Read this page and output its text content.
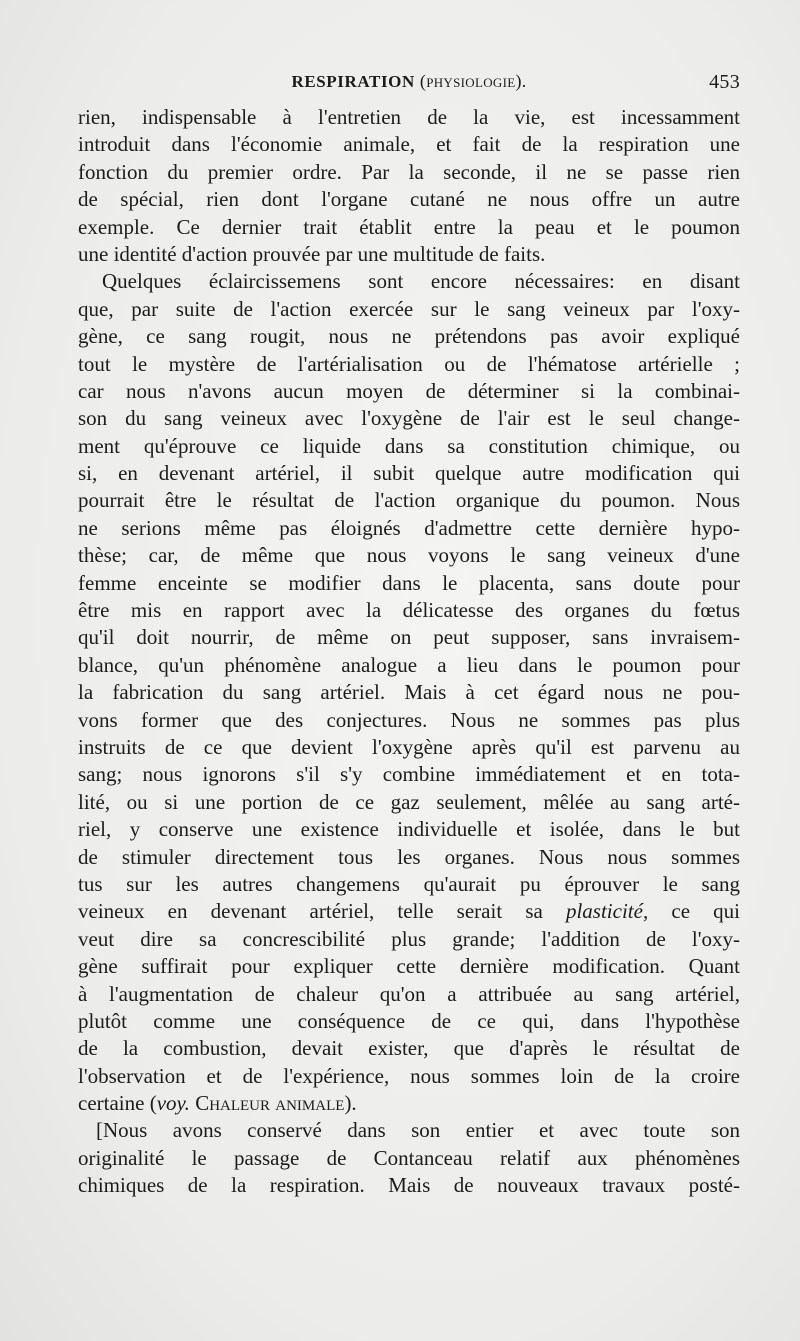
RESPIRATION (physiologie).	453
rien, indispensable à l'entretien de la vie, est incessamment
introduit dans l'économie animale, et fait de la respiration une
fonction du premier ordre. Par la seconde, il ne se passe rien
de spécial, rien dont l'organe cutané ne nous offre un autre
exemple. Ce dernier trait établit entre la peau et le poumon
une identité d'action prouvée par une multitude de faits.
Quelques éclaircissemens sont encore nécessaires: en disant
que, par suite de l'action exercée sur le sang veineux par l'oxy-
gène, ce sang rougit, nous ne prétendons pas avoir expliqué
tout le mystère de l'artérialisation ou de l'hématose artérielle ;
car nous n'avons aucun moyen de déterminer si la combinai-
son du sang veineux avec l'oxygène de l'air est le seul change-
ment qu'éprouve ce liquide dans sa constitution chimique, ou
si, en devenant artériel, il subit quelque autre modification qui
pourrait être le résultat de l'action organique du poumon. Nous
ne serions même pas éloignés d'admettre cette dernière hypo-
thèse; car, de même que nous voyons le sang veineux d'une
femme enceinte se modifier dans le placenta, sans doute pour
être mis en rapport avec la délicatesse des organes du fœtus
qu'il doit nourrir, de même on peut supposer, sans invraisem-
blance, qu'un phénomène analogue a lieu dans le poumon pour
la fabrication du sang artériel. Mais à cet égard nous ne pou-
vons former que des conjectures. Nous ne sommes pas plus
instruits de ce que devient l'oxygène après qu'il est parvenu au
sang; nous ignorons s'il s'y combine immédiatement et en tota-
lité, ou si une portion de ce gaz seulement, mêlée au sang arté-
riel, y conserve une existence individuelle et isolée, dans le but
de stimuler directement tous les organes. Nous nous sommes
tus sur les autres changemens qu'aurait pu éprouver le sang
veineux en devenant artériel, telle serait sa plasticité, ce qui
veut dire sa concrescibilité plus grande; l'addition de l'oxy-
gène suffirait pour expliquer cette dernière modification. Quant
à l'augmentation de chaleur qu'on a attribuée au sang artériel,
plutôt comme une conséquence de ce qui, dans l'hypothèse
de la combustion, devait exister, que d'après le résultat de
l'observation et de l'expérience, nous sommes loin de la croire
certaine (voy. Chaleur animale).
[Nous avons conservé dans son entier et avec toute son
originalité le passage de Contanceau relatif aux phénomènes
chimiques de la respiration. Mais de nouveaux travaux posté-
